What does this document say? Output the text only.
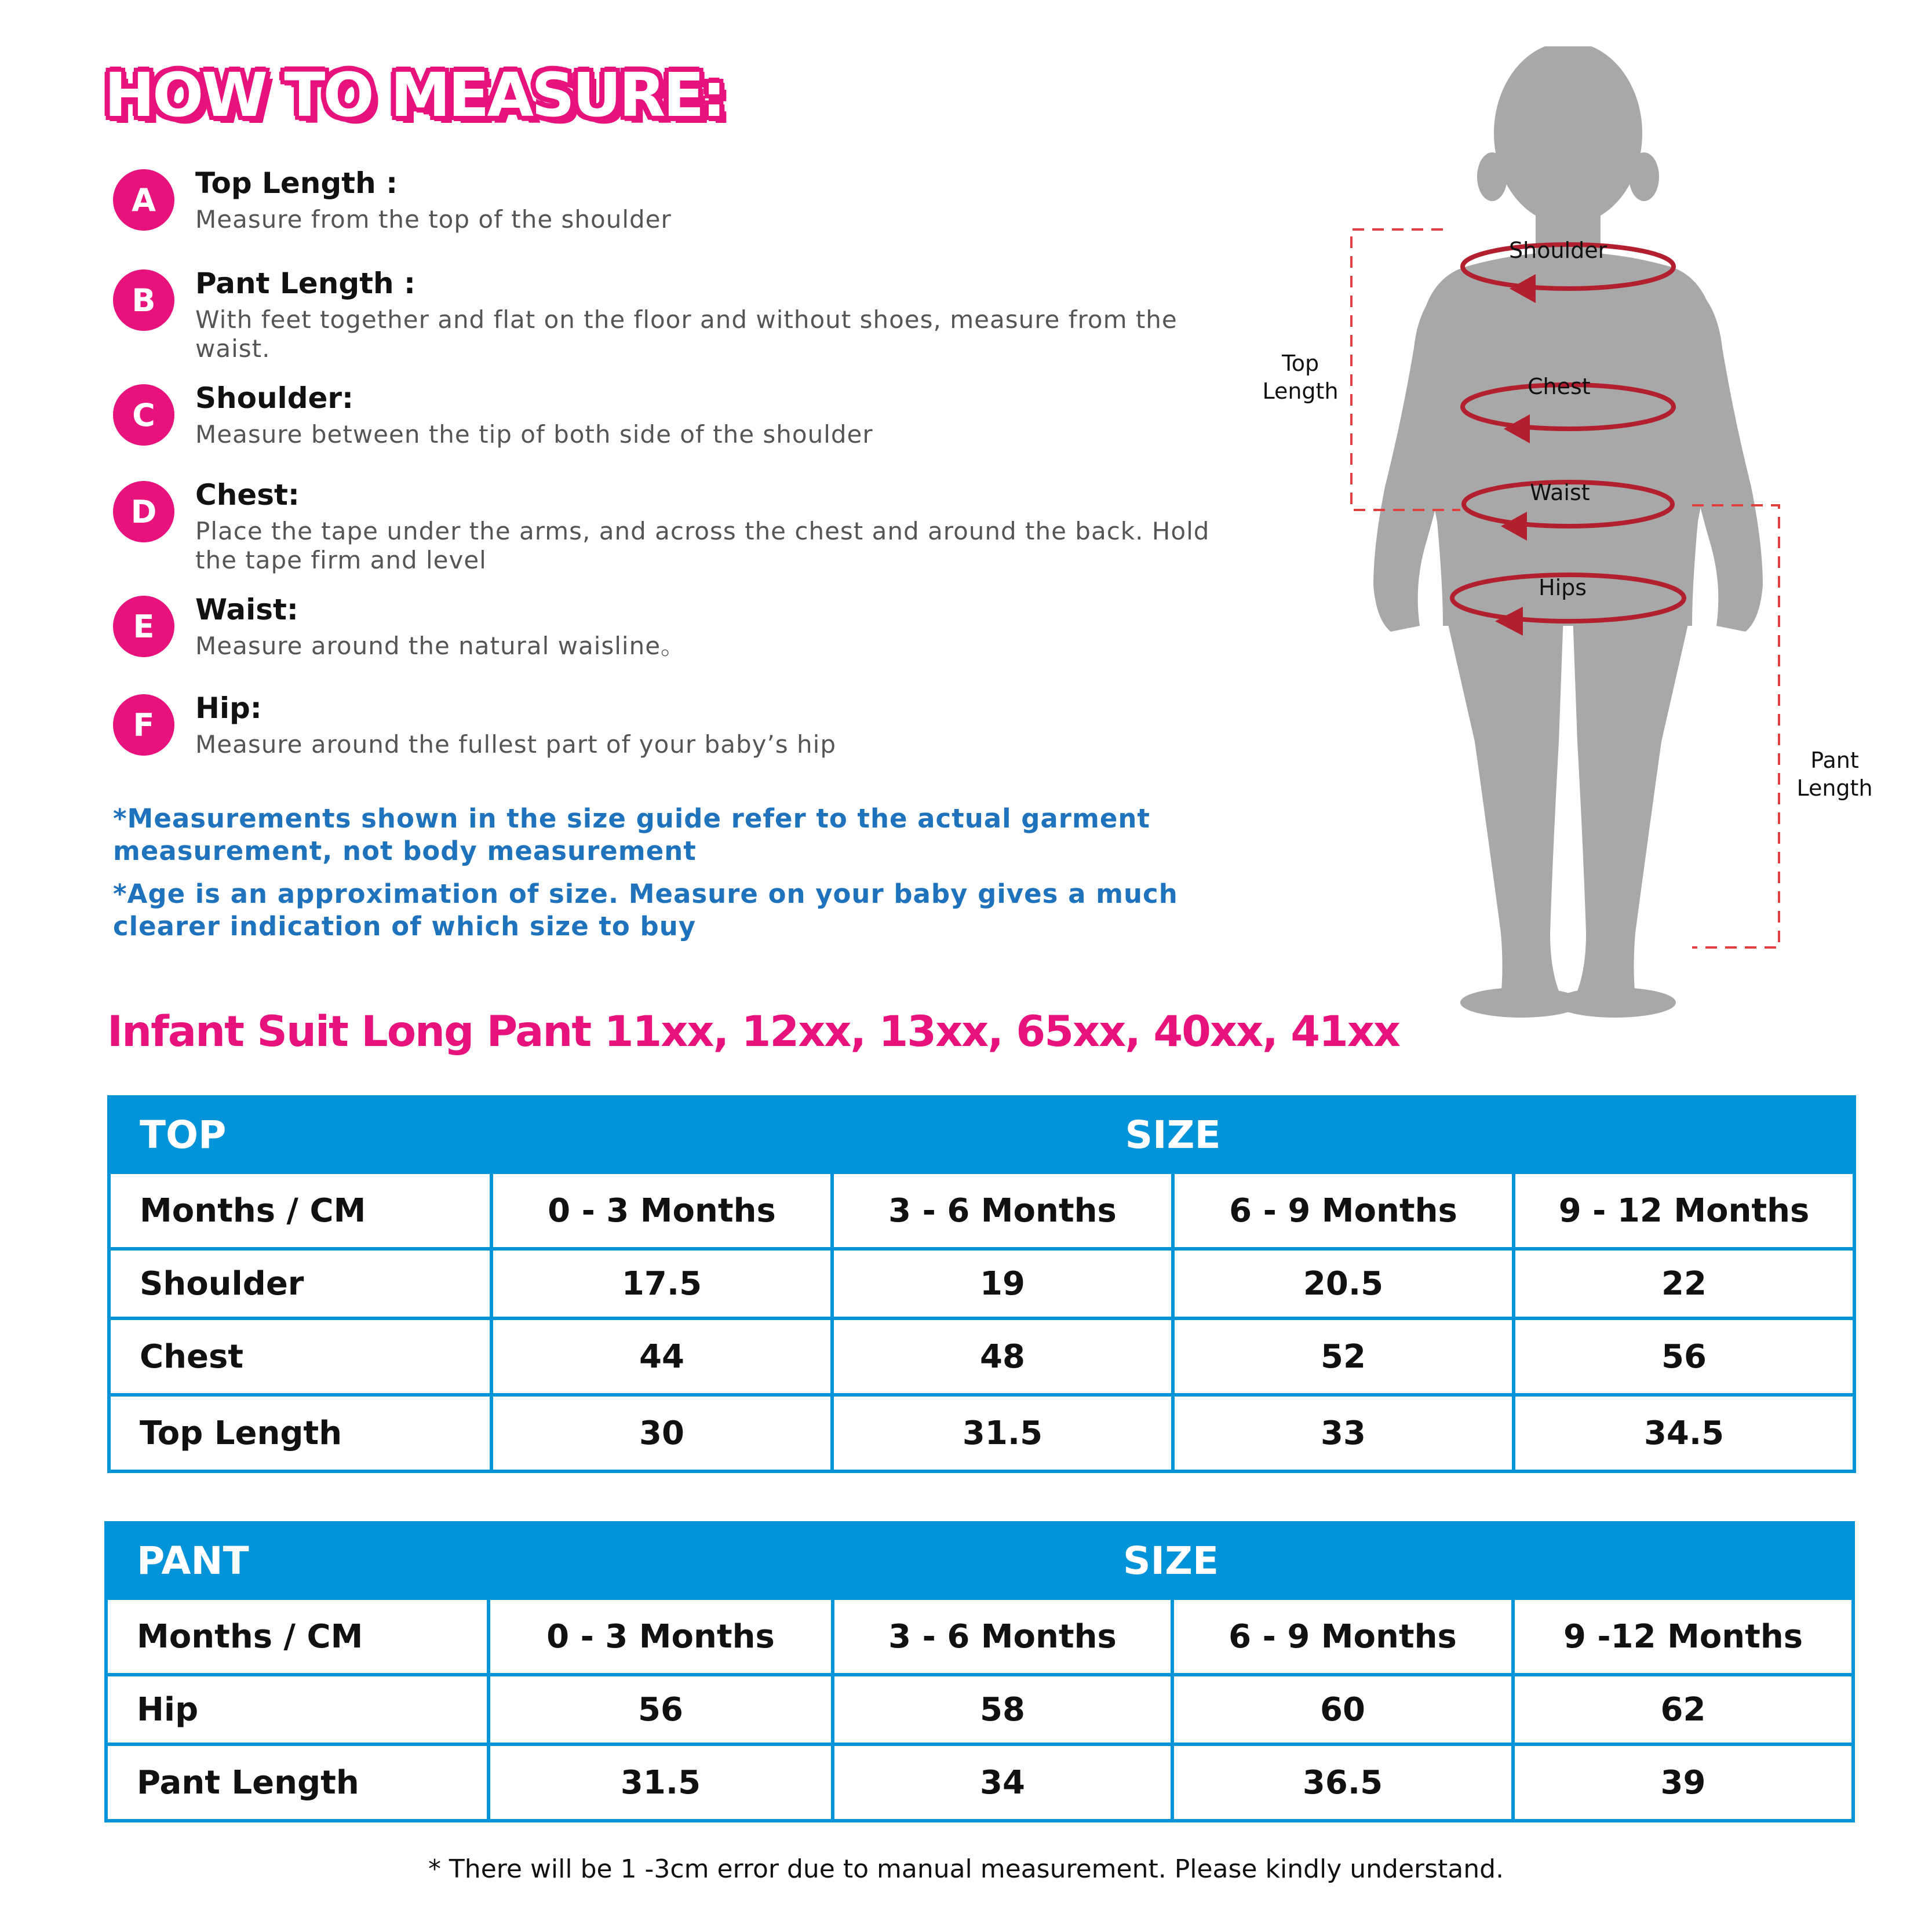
HOW TO MEASURE:
A	Top Length :
Measure from the top of the shoulder
B	Pant Length :
With feet together and flat on the floor and without shoes, measure from the waist.
C	Shoulder:
Measure between the tip of both side of the shoulder
D	Chest:
Place the tape under the arms, and across the chest and around the back. Hold the tape firm and level
E	Waist:
Measure around the natural waisline。
F	Hip:
Measure around the fullest part of your baby’s hip
*Measurements shown in the size guide refer to the actual garment measurement, not body measurement
*Age is an approximation of size. Measure on your baby gives a much clearer indication of which size to buy
Shoulder
Chest
Waist
Hips
Top
Length
Pant
Length
Infant Suit Long Pant 11xx, 12xx, 13xx, 65xx, 40xx, 41xx
TOP	SIZE			
Months / CM	0 - 3 Months	3 - 6 Months	6 - 9 Months	9 - 12 Months
Shoulder	17.5	19	20.5	22
Chest	44	48	52	56
Top Length	30	31.5	33	34.5
PANT	SIZE			
Months / CM	0 - 3 Months	3 - 6 Months	6 - 9 Months	9 -12 Months
Hip	56	58	60	62
Pant Length	31.5	34	36.5	39
* There will be 1 -3cm error due to manual measurement. Please kindly understand.
